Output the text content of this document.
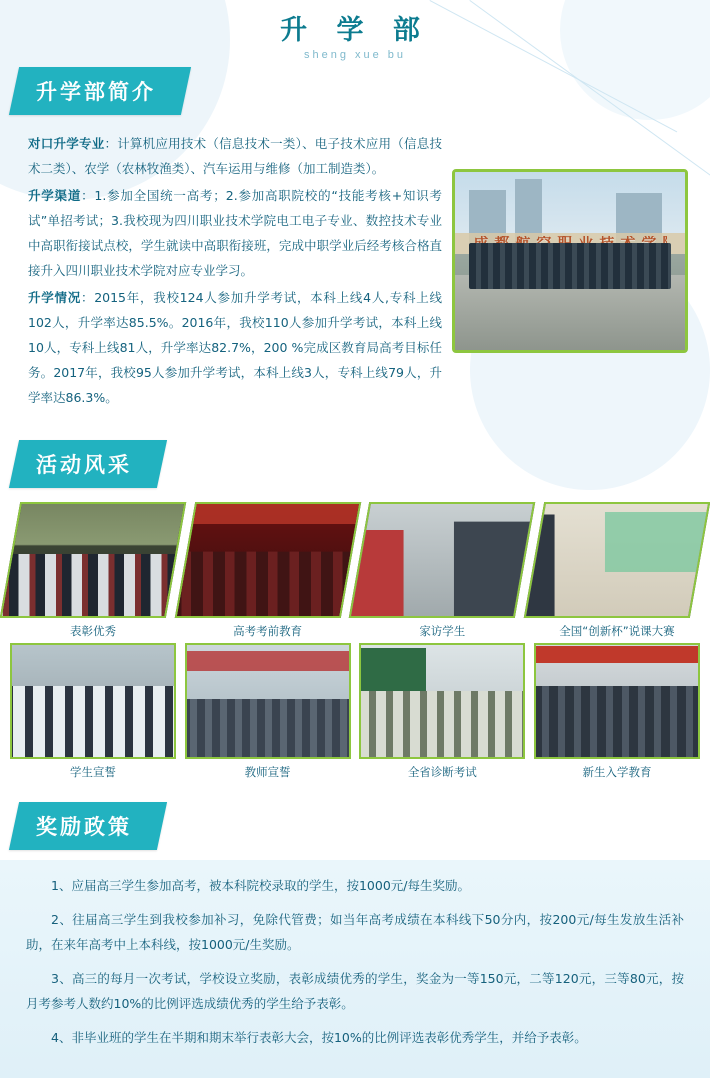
升 学 部
sheng xue bu
升学部简介

对口升学专业：计算机应用技术（信息技术一类）、电子技术应用（信息技术二类）、农学（农林牧渔类）、汽车运用与维修（加工制造类）。

升学渠道：1.参加全国统一高考；2.参加高职院校的“技能考核+知识考试”单招考试；3.我校现为四川职业技术学院电工电子专业、数控技术专业中高职衔接试点校，学生就读中高职衔接班，完成中职学业后经考核合格直接升入四川职业技术学院对应专业学习。

升学情况：2015年，我校124人参加升学考试，本科上线4人,专科上线102人，升学率达85.5%。2016年，我校110人参加升学考试，本科上线10人，专科上线81人，升学率达82.7%，200 %完成区教育局高考目标任务。2017年，我校95人参加升学考试，本科上线3人，专科上线79人，升学率达86.3%。

活动风采
表彰优秀	高考考前教育	家访学生	全国“创新杯”说课大赛
学生宣誓	教师宣誓	全省诊断考试	新生入学教育
奖励政策

1、应届高三学生参加高考，被本科院校录取的学生，按1000元/每生奖励。

2、往届高三学生到我校参加补习，免除代管费；如当年高考成绩在本科线下50分内，按200元/每生发放生活补助，在来年高考中上本科线，按1000元/生奖励。

3、高三的每月一次考试，学校设立奖励，表彰成绩优秀的学生，奖金为一等150元，二等120元，三等80元，按月考参考人数约10%的比例评选成绩优秀的学生给予表彰。

4、非毕业班的学生在半期和期末举行表彰大会，按10%的比例评选表彰优秀学生，并给予表彰。
